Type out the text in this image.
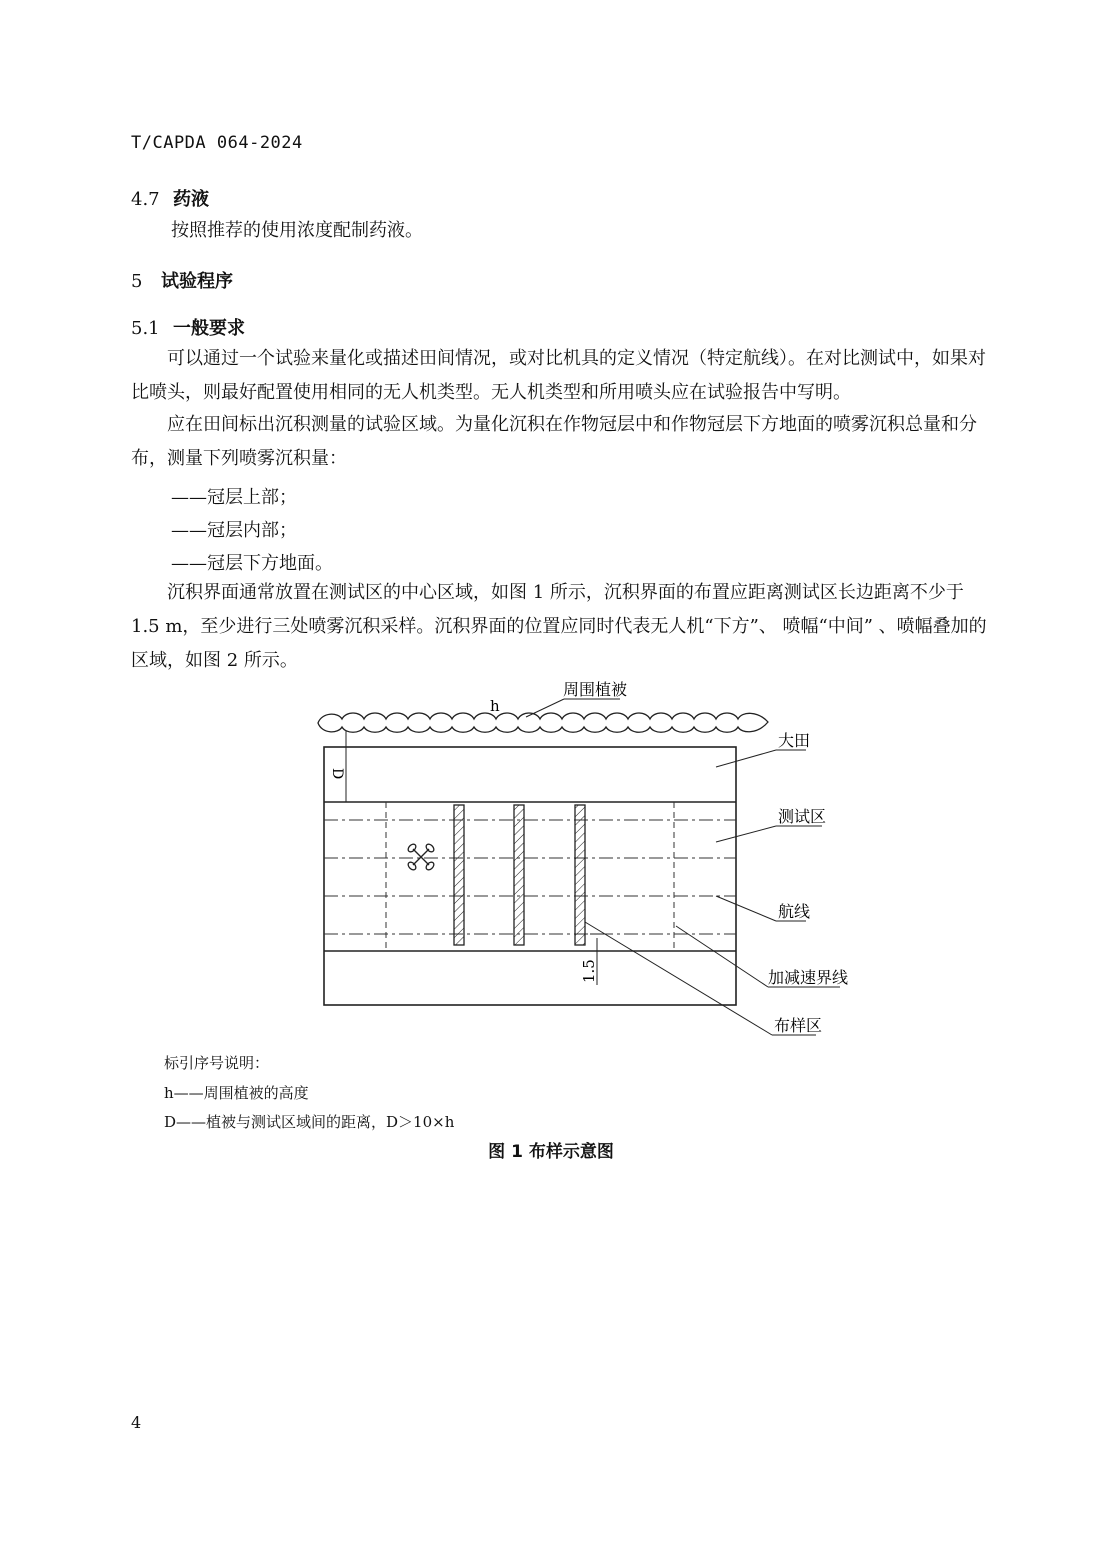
T/CAPDA 064-2024
4.7 药液
按照推荐的使用浓度配制药液。
5 试验程序
5.1 一般要求
可以通过一个试验来量化或描述田间情况，或对比机具的定义情况（特定航线）。在对比测试中，如果对比喷头，则最好配置使用相同的无人机类型。无人机类型和所用喷头应在试验报告中写明。
应在田间标出沉积测量的试验区域。为量化沉积在作物冠层中和作物冠层下方地面的喷雾沉积总量和分布，测量下列喷雾沉积量：
——冠层上部；
——冠层内部；
——冠层下方地面。
沉积界面通常放置在测试区的中心区域，如图 1 所示，沉积界面的布置应距离测试区长边距离不少于 1.5 m，至少进行三处喷雾沉积采样。沉积界面的位置应同时代表无人机“下方”、 喷幅“中间” 、喷幅叠加的区域，如图 2 所示。
D
1.5
h
周围植被
大田
测试区
航线
加减速界线
布样区
标引序号说明：
h——周围植被的高度
D——植被与测试区域间的距离，D＞10×h
图 1 布样示意图
4
